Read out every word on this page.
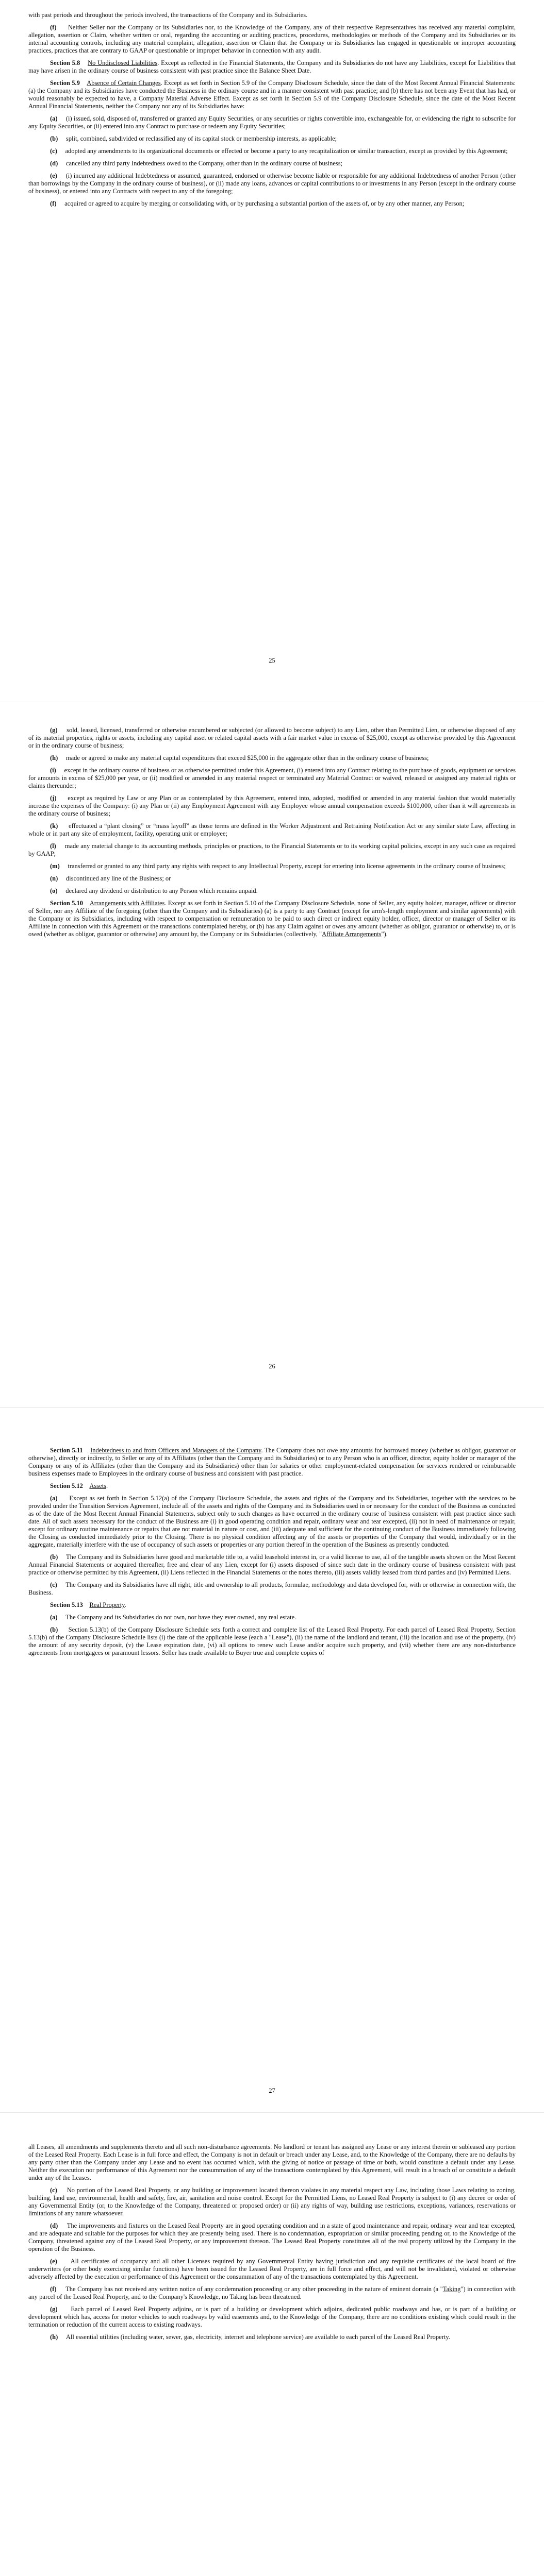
with past periods and throughout the periods involved, the transactions of the Company and its Subsidiaries.

(f) Neither Seller nor the Company or its Subsidiaries nor, to the Knowledge of the Company, any of their respective Representatives has received any material complaint, allegation, assertion or Claim, whether written or oral, regarding the accounting or auditing practices, procedures, methodologies or methods of the Company and its Subsidiaries or its internal accounting controls, including any material complaint, allegation, assertion or Claim that the Company or its Subsidiaries has engaged in questionable or improper accounting practices, practices that are contrary to GAAP or questionable or improper behavior in connection with any audit.

Section 5.8 No Undisclosed Liabilities. Except as reflected in the Financial Statements, the Company and its Subsidiaries do not have any Liabilities, except for Liabilities that may have arisen in the ordinary course of business consistent with past practice since the Balance Sheet Date.

Section 5.9 Absence of Certain Changes. Except as set forth in Section 5.9 of the Company Disclosure Schedule, since the date of the Most Recent Annual Financial Statements: (a) the Company and its Subsidiaries have conducted the Business in the ordinary course and in a manner consistent with past practice; and (b) there has not been any Event that has had, or would reasonably be expected to have, a Company Material Adverse Effect. Except as set forth in Section 5.9 of the Company Disclosure Schedule, since the date of the Most Recent Annual Financial Statements, neither the Company nor any of its Subsidiaries have:

(a) (i) issued, sold, disposed of, transferred or granted any Equity Securities, or any securities or rights convertible into, exchangeable for, or evidencing the right to subscribe for any Equity Securities, or (ii) entered into any Contract to purchase or redeem any Equity Securities;

(b) split, combined, subdivided or reclassified any of its capital stock or membership interests, as applicable;

(c) adopted any amendments to its organizational documents or effected or become a party to any recapitalization or similar transaction, except as provided by this Agreement;

(d) cancelled any third party Indebtedness owed to the Company, other than in the ordinary course of business;

(e) (i) incurred any additional Indebtedness or assumed, guaranteed, endorsed or otherwise become liable or responsible for any additional Indebtedness of another Person (other than borrowings by the Company in the ordinary course of business), or (ii) made any loans, advances or capital contributions to or investments in any Person (except in the ordinary course of business), or entered into any Contracts with respect to any of the foregoing;

(f) acquired or agreed to acquire by merging or consolidating with, or by purchasing a substantial portion of the assets of, or by any other manner, any Person;

25

(g) sold, leased, licensed, transferred or otherwise encumbered or subjected (or allowed to become subject) to any Lien, other than Permitted Lien, or otherwise disposed of any of its material properties, rights or assets, including any capital asset or related capital assets with a fair market value in excess of $25,000, except as otherwise provided by this Agreement or in the ordinary course of business;

(h) made or agreed to make any material capital expenditures that exceed $25,000 in the aggregate other than in the ordinary course of business;

(i) except in the ordinary course of business or as otherwise permitted under this Agreement, (i) entered into any Contract relating to the purchase of goods, equipment or services for amounts in excess of $25,000 per year, or (ii) modified or amended in any material respect or terminated any Material Contract or waived, released or assigned any material rights or claims thereunder;

(j) except as required by Law or any Plan or as contemplated by this Agreement, entered into, adopted, modified or amended in any material fashion that would materially increase the expenses of the Company: (i) any Plan or (ii) any Employment Agreement with any Employee whose annual compensation exceeds $100,000, other than it will agreements in the ordinary course of business;

(k) effectuated a “plant closing” or “mass layoff” as those terms are defined in the Worker Adjustment and Retraining Notification Act or any similar state Law, affecting in whole or in part any site of employment, facility, operating unit or employee;

(l) made any material change to its accounting methods, principles or practices, to the Financial Statements or to its working capital policies, except in any such case as required by GAAP;

(m) transferred or granted to any third party any rights with respect to any Intellectual Property, except for entering into license agreements in the ordinary course of business;

(n) discontinued any line of the Business; or

(o) declared any dividend or distribution to any Person which remains unpaid.

Section 5.10 Arrangements with Affiliates. Except as set forth in Section 5.10 of the Company Disclosure Schedule, none of Seller, any equity holder, manager, officer or director of Seller, nor any Affiliate of the foregoing (other than the Company and its Subsidiaries) (a) is a party to any Contract (except for arm's-length employment and similar agreements) with the Company or its Subsidiaries, including with respect to compensation or remuneration to be paid to such direct or indirect equity holder, officer, director or manager of Seller or its Affiliate in connection with this Agreement or the transactions contemplated hereby, or (b) has any Claim against or owes any amount (whether as obligor, guarantor or otherwise) to, or is owed (whether as obligor, guarantor or otherwise) any amount by, the Company or its Subsidiaries (collectively, "Affiliate Arrangements").

26

Section 5.11 Indebtedness to and from Officers and Managers of the Company. The Company does not owe any amounts for borrowed money (whether as obligor, guarantor or otherwise), directly or indirectly, to Seller or any of its Affiliates (other than the Company and its Subsidiaries) or to any Person who is an officer, director, equity holder or manager of the Company or any of its Affiliates (other than the Company and its Subsidiaries) other than for salaries or other employment-related compensation for services rendered or reimbursable business expenses made to Employees in the ordinary course of business and consistent with past practice.

Section 5.12 Assets.

(a) Except as set forth in Section 5.12(a) of the Company Disclosure Schedule, the assets and rights of the Company and its Subsidiaries, together with the services to be provided under the Transition Services Agreement, include all of the assets and rights of the Company and its Subsidiaries used in or necessary for the conduct of the Business as conducted as of the date of the Most Recent Annual Financial Statements, subject only to such changes as have occurred in the ordinary course of business consistent with past practice since such date. All of such assets necessary for the conduct of the Business are (i) in good operating condition and repair, ordinary wear and tear excepted, (ii) not in need of maintenance or repair, except for ordinary routine maintenance or repairs that are not material in nature or cost, and (iii) adequate and sufficient for the continuing conduct of the Business immediately following the Closing as conducted immediately prior to the Closing. There is no physical condition affecting any of the assets or properties of the Company that would, individually or in the aggregate, materially interfere with the use of occupancy of such assets or properties or any portion thereof in the operation of the Business as presently conducted.

(b) The Company and its Subsidiaries have good and marketable title to, a valid leasehold interest in, or a valid license to use, all of the tangible assets shown on the Most Recent Annual Financial Statements or acquired thereafter, free and clear of any Lien, except for (i) assets disposed of since such date in the ordinary course of business consistent with past practice or otherwise permitted by this Agreement, (ii) Liens reflected in the Financial Statements or the notes thereto, (iii) assets validly leased from third parties and (iv) Permitted Liens.

(c) The Company and its Subsidiaries have all right, title and ownership to all products, formulae, methodology and data developed for, with or otherwise in connection with, the Business.

Section 5.13 Real Property.

(a) The Company and its Subsidiaries do not own, nor have they ever owned, any real estate.

(b) Section 5.13(b) of the Company Disclosure Schedule sets forth a correct and complete list of the Leased Real Property. For each parcel of Leased Real Property, Section 5.13(b) of the Company Disclosure Schedule lists (i) the date of the applicable lease (each a "Lease"), (ii) the name of the landlord and tenant, (iii) the location and use of the property, (iv) the amount of any security deposit, (v) the Lease expiration date, (vi) all options to renew such Lease and/or acquire such property, and (vii) whether there are any non-disturbance agreements from mortgagees or paramount lessors. Seller has made available to Buyer true and complete copies of

27

all Leases, all amendments and supplements thereto and all such non-disturbance agreements. No landlord or tenant has assigned any Lease or any interest therein or subleased any portion of the Leased Real Property. Each Lease is in full force and effect, the Company is not in default or breach under any Lease, and, to the Knowledge of the Company, there are no defaults by any party other than the Company under any Lease and no event has occurred which, with the giving of notice or passage of time or both, would constitute a default under any Lease. Neither the execution nor performance of this Agreement nor the consummation of any of the transactions contemplated by this Agreement, will result in a breach of or constitute a default under any of the Leases.

(c) No portion of the Leased Real Property, or any building or improvement located thereon violates in any material respect any Law, including those Laws relating to zoning, building, land use, environmental, health and safety, fire, air, sanitation and noise control. Except for the Permitted Liens, no Leased Real Property is subject to (i) any decree or order of any Governmental Entity (or, to the Knowledge of the Company, threatened or proposed order) or (ii) any rights of way, building use restrictions, exceptions, variances, reservations or limitations of any nature whatsoever.

(d) The improvements and fixtures on the Leased Real Property are in good operating condition and in a state of good maintenance and repair, ordinary wear and tear excepted, and are adequate and suitable for the purposes for which they are presently being used. There is no condemnation, expropriation or similar proceeding pending or, to the Knowledge of the Company, threatened against any of the Leased Real Property, or any improvement thereon. The Leased Real Property constitutes all of the real property utilized by the Company in the operation of the Business.

(e) All certificates of occupancy and all other Licenses required by any Governmental Entity having jurisdiction and any requisite certificates of the local board of fire underwriters (or other body exercising similar functions) have been issued for the Leased Real Property, are in full force and effect, and will not be invalidated, violated or otherwise adversely affected by the execution or performance of this Agreement or the consummation of any of the transactions contemplated by this Agreement.

(f) The Company has not received any written notice of any condemnation proceeding or any other proceeding in the nature of eminent domain (a "Taking") in connection with any parcel of the Leased Real Property, and to the Company's Knowledge, no Taking has been threatened.

(g) Each parcel of Leased Real Property adjoins, or is part of a building or development which adjoins, dedicated public roadways and has, or is part of a building or development which has, access for motor vehicles to such roadways by valid easements and, to the Knowledge of the Company, there are no conditions existing which could result in the termination or reduction of the current access to existing roadways.

(h) All essential utilities (including water, sewer, gas, electricity, internet and telephone service) are available to each parcel of the Leased Real Property.
